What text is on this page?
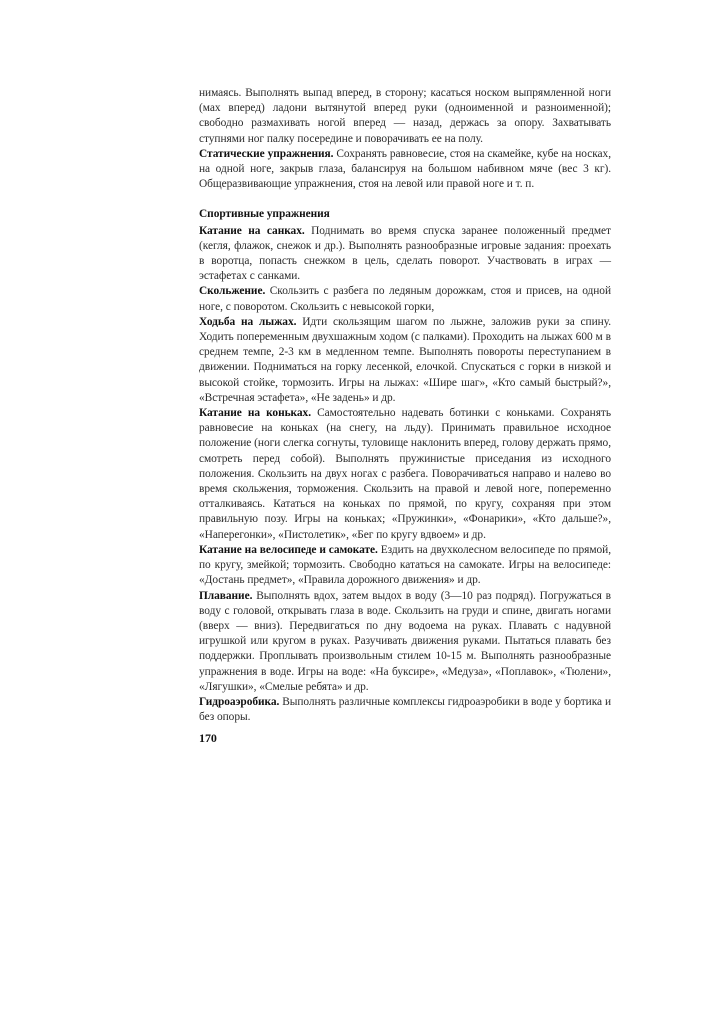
нимаясь. Выполнять выпад вперед, в сторону; касаться носком выпрямленной ноги (мах вперед) ладони вытянутой вперед руки (одноименной и разноименной); свободно размахивать ногой вперед — назад, держась за опору. Захватывать ступнями ног палку посередине и поворачивать ее на полу.

Статические упражнения. Сохранять равновесие, стоя на скамейке, кубе на носках, на одной ноге, закрыв глаза, балансируя на большом набивном мяче (вес 3 кг). Общеразвивающие упражнения, стоя на левой или правой ноге и т. п.

Спортивные упражнения

Катание на санках. Поднимать во время спуска заранее положенный предмет (кегля, флажок, снежок и др.). Выполнять разнообразные игровые задания: проехать в воротца, попасть снежком в цель, сделать поворот. Участвовать в играх — эстафетах с санками.

Скольжение. Скользить с разбега по ледяным дорожкам, стоя и присев, на одной ноге, с поворотом. Скользить с невысокой горки,

Ходьба на лыжах. Идти скользящим шагом по лыжне, заложив руки за спину. Ходить попеременным двухшажным ходом (с палками). Проходить на лыжах 600 м в среднем темпе, 2-3 км в медленном темпе. Выполнять повороты переступанием в движении. Подниматься на горку лесенкой, елочкой. Спускаться с горки в низкой и высокой стойке, тормозить. Игры на лыжах: «Шире шаг», «Кто самый быстрый?», «Встречная эстафета», «Не задень» и др.

Катание на коньках. Самостоятельно надевать ботинки с коньками. Сохранять равновесие на коньках (на снегу, на льду). Принимать правильное исходное положение (ноги слегка согнуты, туловище наклонить вперед, голову держать прямо, смотреть перед собой). Выполнять пружинистые приседания из исходного положения. Скользить на двух ногах с разбега. Поворачиваться направо и налево во время скольжения, торможения. Скользить на правой и левой ноге, попеременно отталкиваясь. Кататься на коньках по прямой, по кругу, сохраняя при этом правильную позу. Игры на коньках; «Пружинки», «Фонарики», «Кто дальше?», «Наперегонки», «Пистолетик», «Бег по кругу вдвоем» и др.

Катание на велосипеде и самокате. Ездить на двухколесном велосипеде по прямой, по кругу, змейкой; тормозить. Свободно кататься на самокате. Игры на велосипеде: «Достань предмет», «Правила дорожного движения» и др.

Плавание. Выполнять вдох, затем выдох в воду (3—10 раз подряд). Погружаться в воду с головой, открывать глаза в воде. Скользить на груди и спине, двигать ногами (вверх — вниз). Передвигаться по дну водоема на руках. Плавать с надувной игрушкой или кругом в руках. Разучивать движения руками. Пытаться плавать без поддержки. Проплывать произвольным стилем 10-15 м. Выполнять разнообразные упражнения в воде. Игры на воде: «На буксире», «Медуза», «Поплавок», «Тюлени», «Лягушки», «Смелые ребята» и др.

Гидроаэробика. Выполнять различные комплексы гидроаэробики в воде у бортика и без опоры.

170
